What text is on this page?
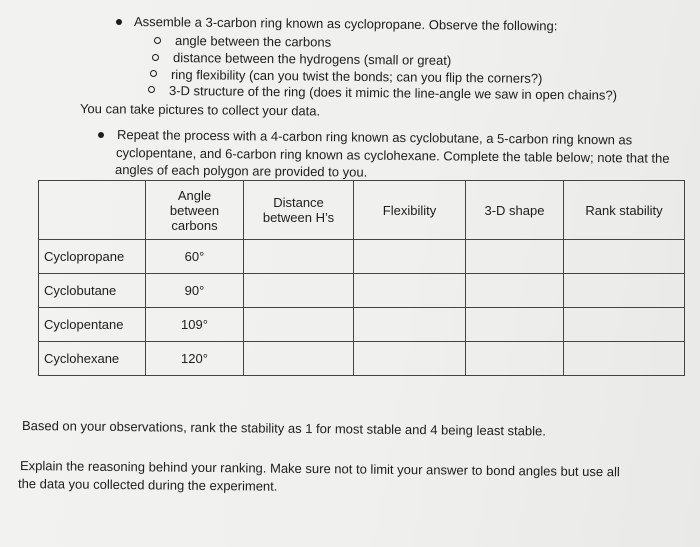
Assemble a 3-carbon ring known as cyclopropane. Observe the following:
angle between the carbons
distance between the hydrogens (small or great)
ring flexibility (can you twist the bonds; can you flip the corners?)
3-D structure of the ring (does it mimic the line-angle we saw in open chains?)
You can take pictures to collect your data.
Repeat the process with a 4-carbon ring known as cyclobutane, a 5-carbon ring known as
cyclopentane, and 6-carbon ring known as cyclohexane. Complete the table below; note that the
angles of each polygon are provided to you.
	Angle between carbons	Distance between H’s	Flexibility	3-D shape	Rank stability
Cyclopropane	60°				
Cyclobutane	90°				
Cyclopentane	109°				
Cyclohexane	120°				
Based on your observations, rank the stability as 1 for most stable and 4 being least stable.
Explain the reasoning behind your ranking. Make sure not to limit your answer to bond angles but use all
the data you collected during the experiment.
